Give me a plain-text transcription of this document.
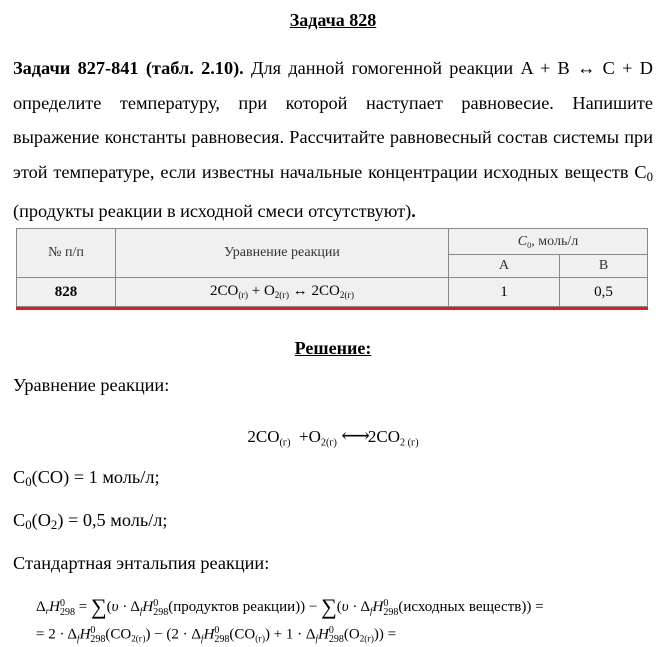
Задача 828
Задачи 827-841 (табл. 2.10). Для данной гомогенной реакции A + B ↔ C + D определите температуру, при которой наступает равновесие. Напишите выражение константы равновесия. Рассчитайте равновесный состав системы при этой температуре, если известны начальные концентрации исходных веществ $C_0$ (продукты реакции в исходной смеси отсутствуют).
№ п/п	Уравнение реакции	$C_0$, моль/л	
		A	B
828	$2CO_{(г)} + O_{2(г)}$ ↔ $2CO_{2(г)}$	1	0,5
Решение:
Уравнение реакции:
$2CO_{(г)} +O_{2(г)}$ $⟷2CO_{2 (г)}$
$C_0(CO) = 1$ моль/л;
$C_0(O_2) = 0,5$ моль/л;
Стандартная энтальпия реакции:
$\Delta_rH0$
$298 = \sum(\upsilon \cdot \Delta_fH0$
298(продуктов реакции)) − $\sum(\upsilon \cdot \Delta_fH0$
298(исходных веществ)) =
= $2 \cdot \Delta_fH0$
$298(CO_{2(г)}) - (2 \cdot \Delta_fH0$
$298(CO_{(г)}) + 1 \cdot \Delta_fH0$
$298(O_{2(г)})$) =
